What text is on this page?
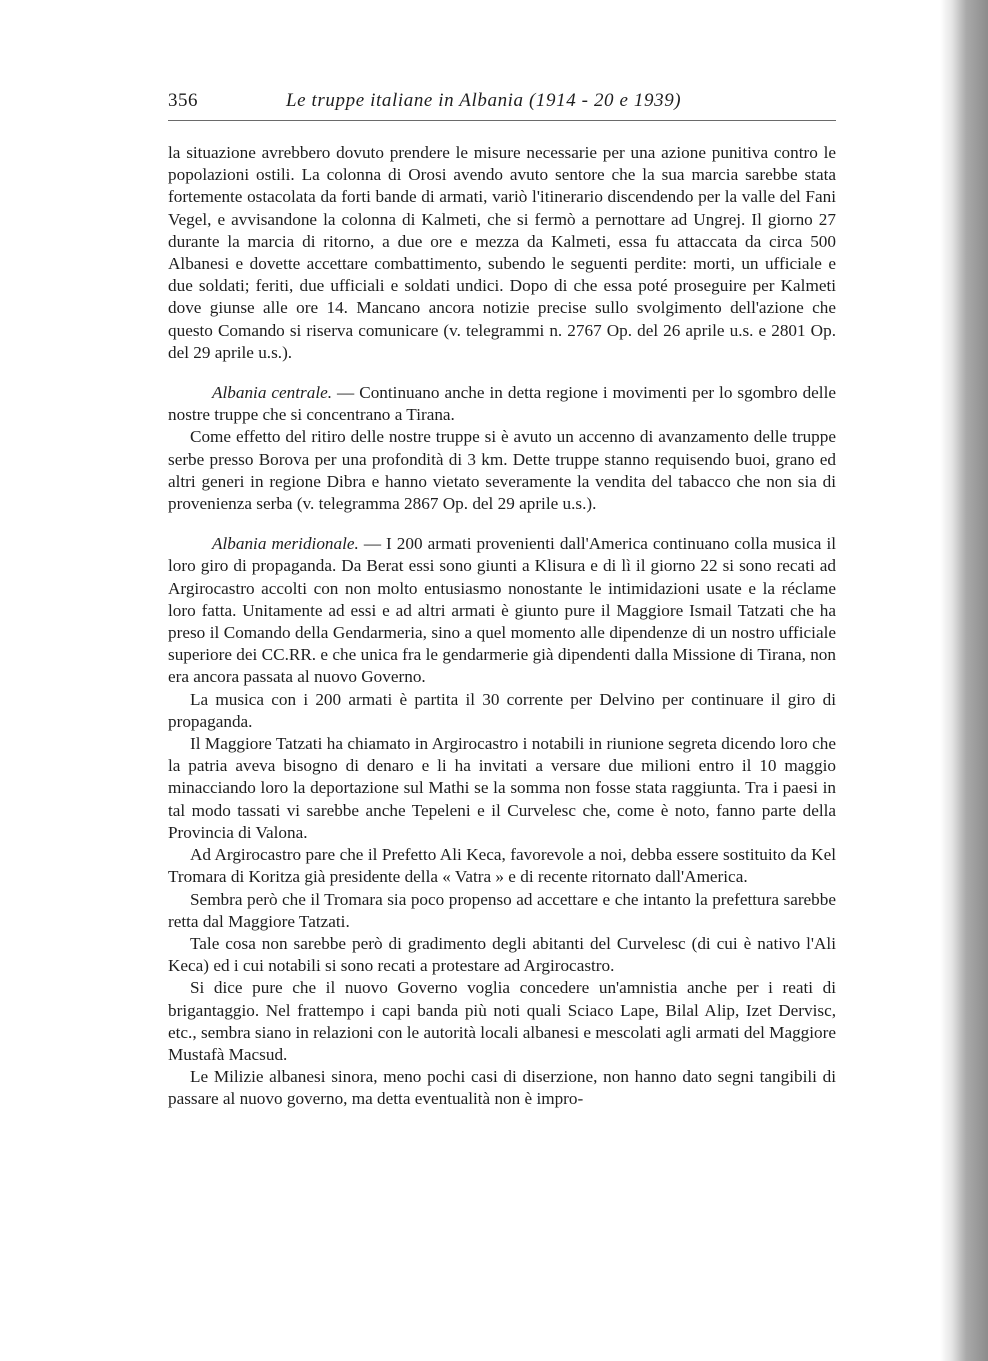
356	Le truppe italiane in Albania (1914 - 20 e 1939)

la situazione avrebbero dovuto prendere le misure necessarie per una azione punitiva contro le popolazioni ostili. La colonna di Orosi avendo avuto sentore che la sua marcia sarebbe stata fortemente ostacolata da forti bande di armati, variò l'itinerario discendendo per la valle del Fani Vegel, e avvisandone la colonna di Kalmeti, che si fermò a pernottare ad Ungrej. Il giorno 27 durante la marcia di ritorno, a due ore e mezza da Kalmeti, essa fu attaccata da circa 500 Albanesi e dovette accettare combattimento, subendo le seguenti perdite: morti, un ufficiale e due soldati; feriti, due ufficiali e soldati undici. Dopo di che essa poté proseguire per Kalmeti dove giunse alle ore 14. Mancano ancora notizie precise sullo svolgimento dell'azione che questo Comando si riserva comunicare (v. telegrammi n. 2767 Op. del 26 aprile u.s. e 2801 Op. del 29 aprile u.s.).

Albania centrale. — Continuano anche in detta regione i movimenti per lo sgombro delle nostre truppe che si concentrano a Tirana.

Come effetto del ritiro delle nostre truppe si è avuto un accenno di avanzamento delle truppe serbe presso Borova per una profondità di 3 km. Dette truppe stanno requisendo buoi, grano ed altri generi in regione Dibra e hanno vietato severamente la vendita del tabacco che non sia di provenienza serba (v. telegramma 2867 Op. del 29 aprile u.s.).

Albania meridionale. — I 200 armati provenienti dall'America continuano colla musica il loro giro di propaganda. Da Berat essi sono giunti a Klisura e di lì il giorno 22 si sono recati ad Argirocastro accolti con non molto entusiasmo nonostante le intimidazioni usate e la réclame loro fatta. Unitamente ad essi e ad altri armati è giunto pure il Maggiore Ismail Tatzati che ha preso il Comando della Gendarmeria, sino a quel momento alle dipendenze di un nostro ufficiale superiore dei CC.RR. e che unica fra le gendarmerie già dipendenti dalla Missione di Tirana, non era ancora passata al nuovo Governo.

La musica con i 200 armati è partita il 30 corrente per Delvino per continuare il giro di propaganda.

Il Maggiore Tatzati ha chiamato in Argirocastro i notabili in riunione segreta dicendo loro che la patria aveva bisogno di denaro e li ha invitati a versare due milioni entro il 10 maggio minacciando loro la deportazione sul Mathi se la somma non fosse stata raggiunta. Tra i paesi in tal modo tassati vi sarebbe anche Tepeleni e il Curvelesc che, come è noto, fanno parte della Provincia di Valona.

Ad Argirocastro pare che il Prefetto Ali Keca, favorevole a noi, debba essere sostituito da Kel Tromara di Koritza già presidente della « Vatra » e di recente ritornato dall'America.

Sembra però che il Tromara sia poco propenso ad accettare e che intanto la prefettura sarebbe retta dal Maggiore Tatzati.

Tale cosa non sarebbe però di gradimento degli abitanti del Curvelesc (di cui è nativo l'Ali Keca) ed i cui notabili si sono recati a protestare ad Argirocastro.

Si dice pure che il nuovo Governo voglia concedere un'amnistia anche per i reati di brigantaggio. Nel frattempo i capi banda più noti quali Sciaco Lape, Bilal Alip, Izet Dervisc, etc., sembra siano in relazioni con le autorità locali albanesi e mescolati agli armati del Maggiore Mustafà Macsud.

Le Milizie albanesi sinora, meno pochi casi di diserzione, non hanno dato segni tangibili di passare al nuovo governo, ma detta eventualità non è impro-
